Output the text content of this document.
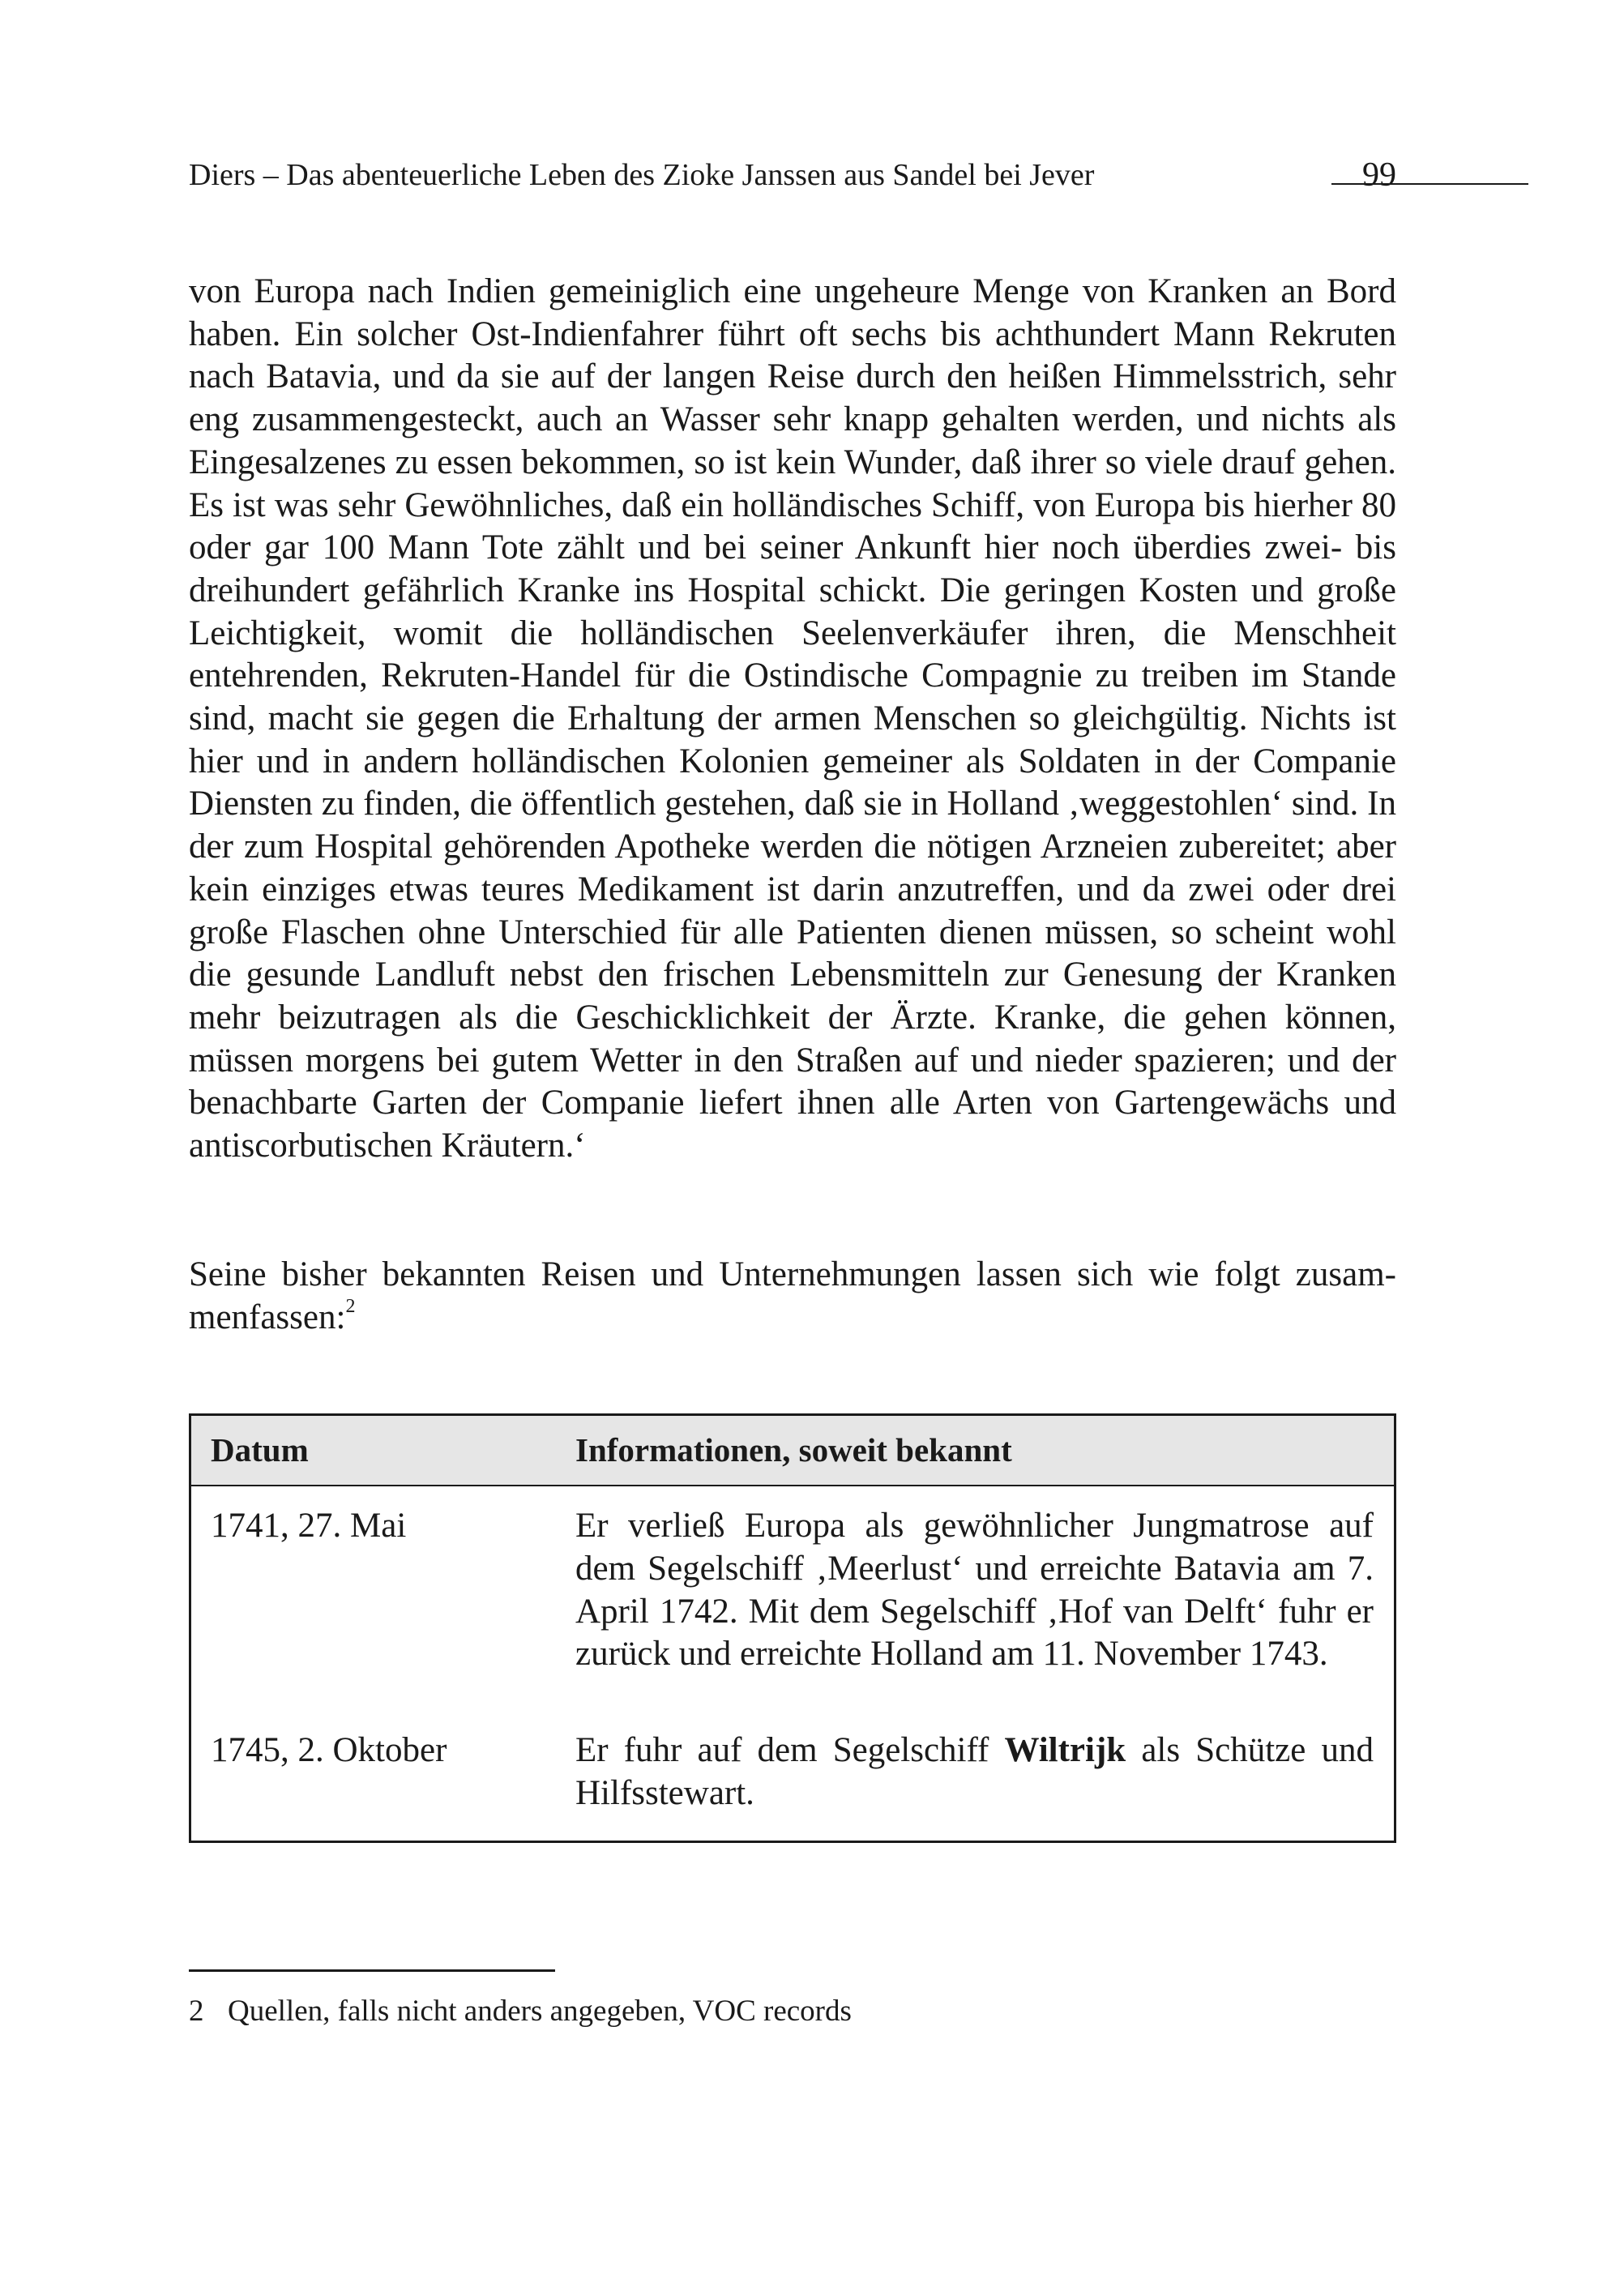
Diers – Das abenteuerliche Leben des Zioke Janssen aus Sandel bei Jever	99

von Europa nach Indien gemeiniglich eine ungeheure Menge von Kranken an Bord haben. Ein solcher Ost-Indienfahrer führt oft sechs bis achthundert Mann Rekruten nach Batavia, und da sie auf der langen Reise durch den heißen Himmelsstrich, sehr eng zusammengesteckt, auch an Wasser sehr knapp gehalten werden, und nichts als Eingesalzenes zu essen bekommen, so ist kein Wunder, daß ihrer so viele drauf gehen. Es ist was sehr Gewöhnliches, daß ein holländisches Schiff, von Europa bis hierher 80 oder gar 100 Mann Tote zählt und bei seiner Ankunft hier noch überdies zwei- bis dreihundert gefährlich Kranke ins Hospital schickt. Die geringen Kosten und große Leichtigkeit, womit die holländischen Seelenverkäufer ihren, die Menschheit entehrenden, Rekruten-Handel für die Ostindische Compagnie zu treiben im Stande sind, macht sie gegen die Erhaltung der armen Menschen so gleichgültig. Nichts ist hier und in andern holländischen Kolonien gemeiner als Soldaten in der Companie Diensten zu finden, die öffentlich gestehen, daß sie in Holland ‚weggestohlen‘ sind. In der zum Hospital gehörenden Apotheke werden die nötigen Arzneien zubereitet; aber kein einziges etwas teures Medikament ist darin anzutreffen, und da zwei oder drei große Flaschen ohne Unterschied für alle Patienten dienen müssen, so scheint wohl die gesunde Landluft nebst den frischen Lebensmitteln zur Genesung der Kranken mehr beizutragen als die Geschicklichkeit der Ärzte. Kranke, die gehen können, müssen morgens bei gutem Wetter in den Straßen auf und nieder spazieren; und der benachbarte Garten der Companie liefert ihnen alle Arten von Gartengewächs und antiscorbutischen Kräutern.‘

Seine bisher bekannten Reisen und Unternehmungen lassen sich wie folgt zusammenfassen:$^2$

Datum	Informationen, soweit bekannt
1741, 27. Mai	Er verließ Europa als gewöhnlicher Jungmatrose auf dem Segelschiff ‚Meerlust‘ und erreichte Batavia am 7. April 1742. Mit dem Segelschiff ‚Hof van Delft‘ fuhr er zurück und erreichte Holland am 11. November 1743.
1745, 2. Oktober	Er fuhr auf dem Segelschiff Wiltrijk als Schütze und Hilfsstewart.
2 Quellen, falls nicht anders angegeben, VOC records
